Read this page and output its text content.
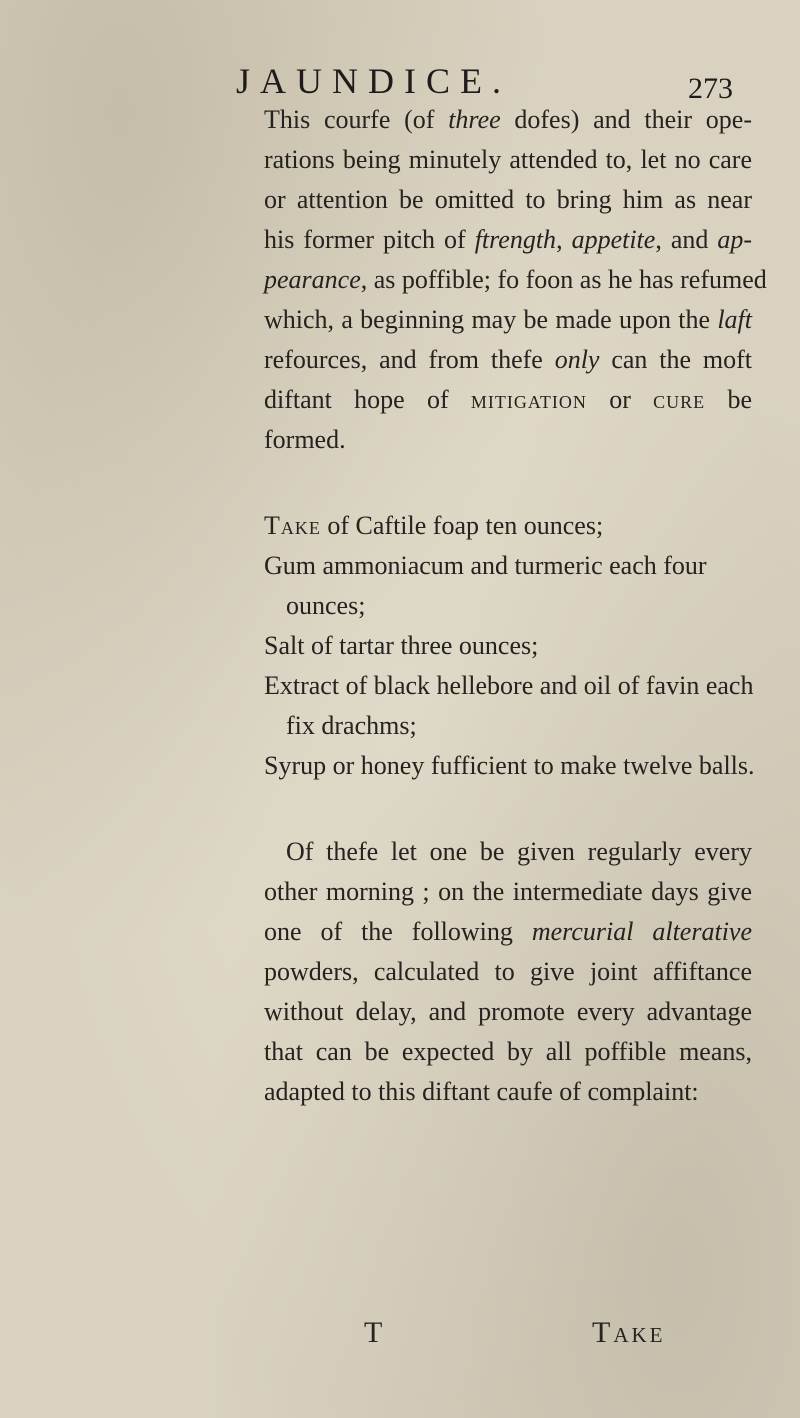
JAUNDICE.	273
This courfe (of three dofes) and their ope-
rations being minutely attended to, let no care
or attention be omitted to bring him as near
his former pitch of ftrength, appetite, and ap-
pearance, as poffible; fo foon as he has refumed
which, a beginning may be made upon the laft
refources, and from thefe only can the moft
diftant hope of mitigation or cure be
formed.
Take of Caftile foap ten ounces;
Gum ammoniacum and turmeric each four
ounces;
Salt of tartar three ounces;
Extract of black hellebore and oil of favin each
fix drachms;
Syrup or honey fufficient to make twelve balls.
Of thefe let one be given regularly every
other morning ; on the intermediate days give
one of the following mercurial alterative
powders, calculated to give joint affiftance
without delay, and promote every advantage
that can be expected by all poffible means,
adapted to this diftant caufe of complaint:
T	Take
